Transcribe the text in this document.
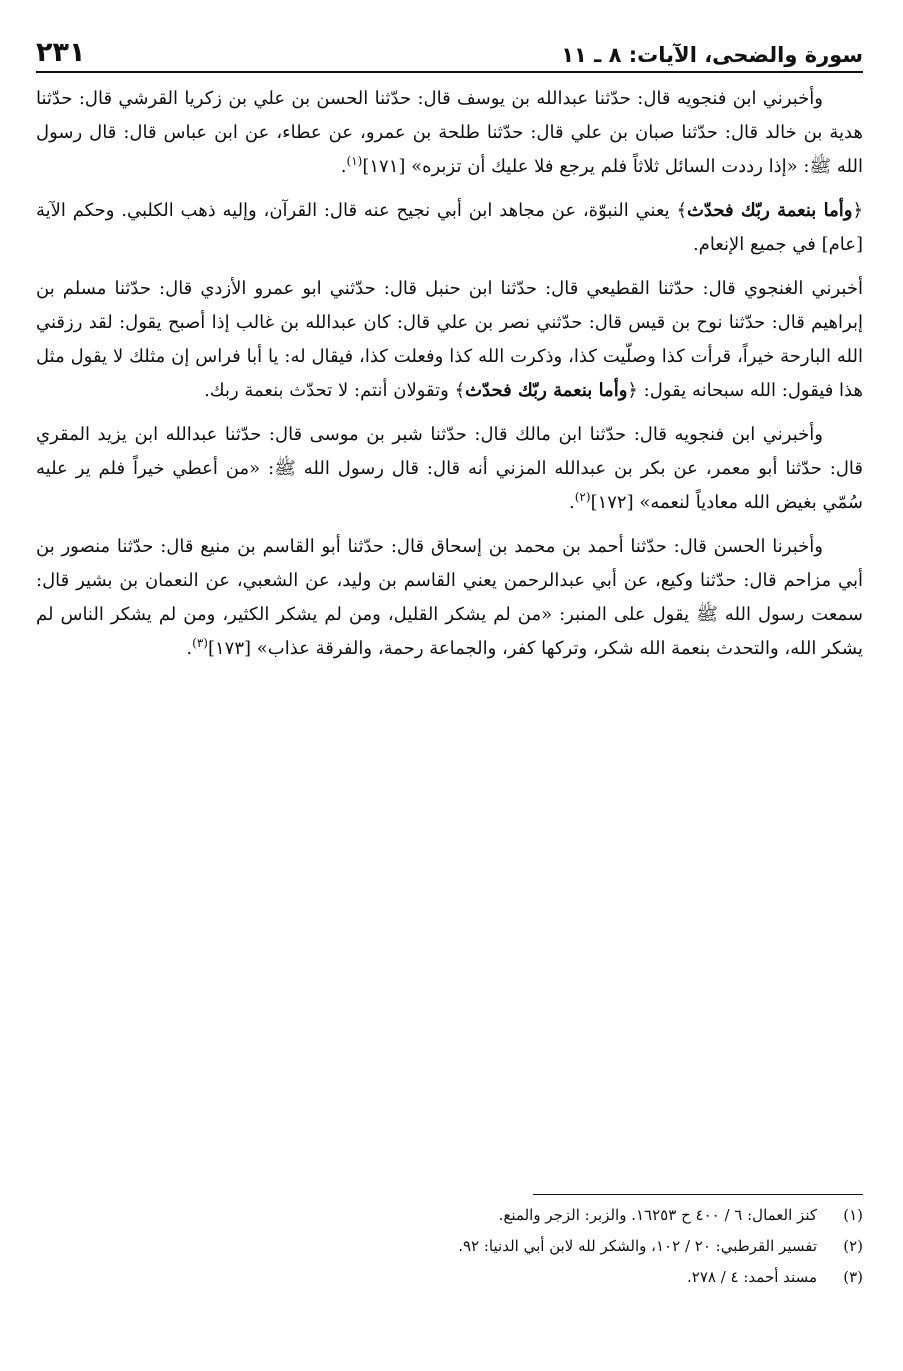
سورة والضحى، الآيات: ٨ ـ ١١
٢٣١

وأخبرني ابن فنجويه قال: حدّثنا عبدالله بن يوسف قال: حدّثنا الحسن بن علي بن زكريا القرشي قال: حدّثنا هدية بن خالد قال: حدّثنا صبان بن علي قال: حدّثنا طلحة بن عمرو، عن عطاء، عن ابن عباس قال: قال رسول الله ﷺ: «إذا رددت السائل ثلاثاً فلم يرجع فلا عليك أن تزبره» [١٧١]$^{(١)}$.

﴿وأما بنعمة ربّك فحدّث﴾ يعني النبوّة، عن مجاهد ابن أبي نجيح عنه قال: القرآن، وإليه ذهب الكلبي. وحكم الآية [عام] في جميع الإنعام.

أخبرني الغنجوي قال: حدّثنا القطيعي قال: حدّثنا ابن حنبل قال: حدّثني ابو عمرو الأزدي قال: حدّثنا مسلم بن إبراهيم قال: حدّثنا نوح بن قيس قال: حدّثني نصر بن علي قال: كان عبدالله بن غالب إذا أصبح يقول: لقد رزقني الله البارحة خيراً، قرأت كذا وصلّيت كذا، وذكرت الله كذا وفعلت كذا، فيقال له: يا أبا فراس إن مثلك لا يقول مثل هذا فيقول: الله سبحانه يقول: ﴿وأما بنعمة ربّك فحدّث﴾ وتقولان أنتم: لا تحدّث بنعمة ربك.

وأخبرني ابن فنجويه قال: حدّثنا ابن مالك قال: حدّثنا شبر بن موسى قال: حدّثنا عبدالله ابن يزيد المقري قال: حدّثنا أبو معمر، عن بكر بن عبدالله المزني أنه قال: قال رسول الله ﷺ: «من أعطي خيراً فلم ير عليه سُمّي بغيض الله معادياً لنعمه» [١٧٢]$^{(٢)}$.

وأخبرنا الحسن قال: حدّثنا أحمد بن محمد بن إسحاق قال: حدّثنا أبو القاسم بن منيع قال: حدّثنا منصور بن أبي مزاحم قال: حدّثنا وكيع، عن أبي عبدالرحمن يعني القاسم بن وليد، عن الشعبي، عن النعمان بن بشير قال: سمعت رسول الله ﷺ يقول على المنبر: «من لم يشكر القليل، ومن لم يشكر الكثير، ومن لم يشكر الناس لم يشكر الله، والتحدث بنعمة الله شكر، وتركها كفر، والجماعة رحمة، والفرقة عذاب» [١٧٣]$^{(٣)}$.

(١)
كنز العمال: ٦ / ٤٠٠ ح ١٦٢٥٣. والزبر: الزجر والمنع.
(٢)
تفسير القرطبي: ٢٠ / ١٠٢، والشكر لله لابن أبي الدنيا: ٩٢.
(٣)
مسند أحمد: ٤ / ٢٧٨.
